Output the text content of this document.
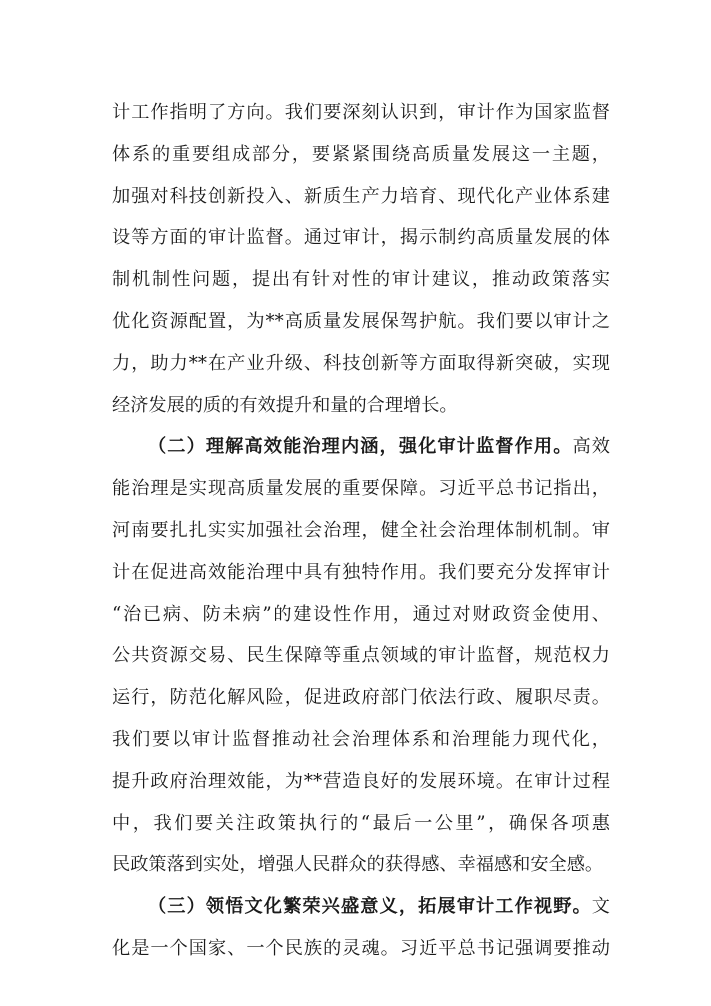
计工作指明了方向。我们要深刻认识到，审计作为国家监督
体系的重要组成部分，要紧紧围绕高质量发展这一主题，
加强对科技创新投入、新质生产力培育、现代化产业体系建
设等方面的审计监督。通过审计，揭示制约高质量发展的体
制机制性问题，提出有针对性的审计建议，推动政策落实
优化资源配置，为**高质量发展保驾护航。我们要以审计之
力，助力**在产业升级、科技创新等方面取得新突破，实现
经济发展的质的有效提升和量的合理增长。
（二）理解高效能治理内涵，强化审计监督作用。高效
能治理是实现高质量发展的重要保障。习近平总书记指出，
河南要扎扎实实加强社会治理，健全社会治理体制机制。审
计在促进高效能治理中具有独特作用。我们要充分发挥审计
“治已病、防未病”的建设性作用，通过对财政资金使用、
公共资源交易、民生保障等重点领域的审计监督，规范权力
运行，防范化解风险，促进政府部门依法行政、履职尽责。
我们要以审计监督推动社会治理体系和治理能力现代化，
提升政府治理效能，为**营造良好的发展环境。在审计过程
中，我们要关注政策执行的“最后一公里”，确保各项惠
民政策落到实处，增强人民群众的获得感、幸福感和安全感。
（三）领悟文化繁荣兴盛意义，拓展审计工作视野。文
化是一个国家、一个民族的灵魂。习近平总书记强调要推动
